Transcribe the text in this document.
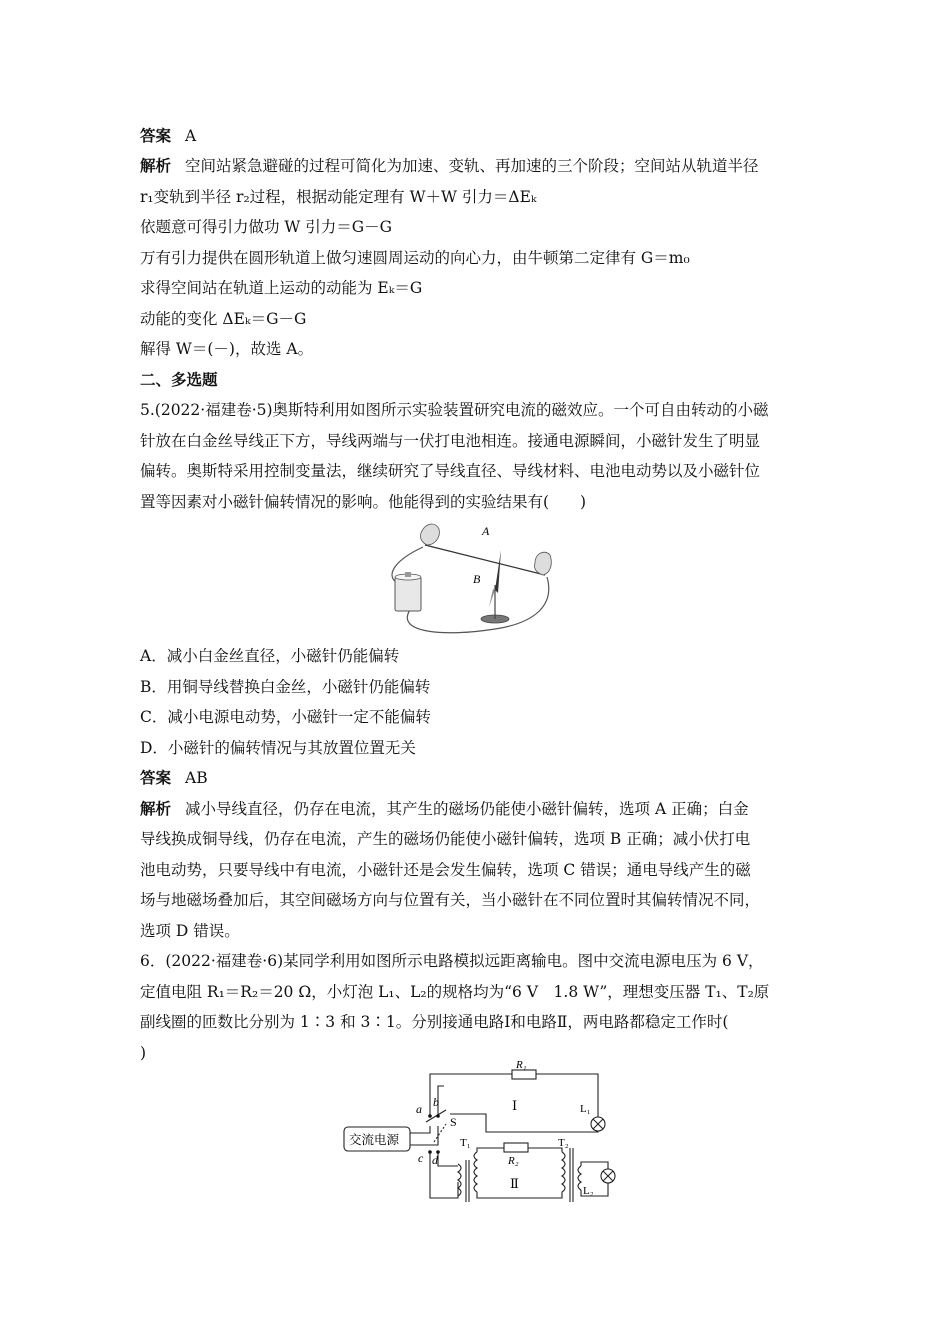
答案 A
解析 空间站紧急避碰的过程可简化为加速、变轨、再加速的三个阶段；空间站从轨道半径
r₁变轨到半径 r₂过程，根据动能定理有 W＋W 引力＝ΔEₖ
依题意可得引力做功 W 引力＝G－G
万有引力提供在圆形轨道上做匀速圆周运动的向心力，由牛顿第二定律有 G＝m₀
求得空间站在轨道上运动的动能为 Eₖ＝G
动能的变化 ΔEₖ＝G－G
解得 W＝(－)，故选 A。
二、多选题
5.(2022·福建卷·5)奥斯特利用如图所示实验装置研究电流的磁效应。一个可自由转动的小磁
针放在白金丝导线正下方，导线两端与一伏打电池相连。接通电源瞬间，小磁针发生了明显
偏转。奥斯特采用控制变量法，继续研究了导线直径、导线材料、电池电动势以及小磁针位
置等因素对小磁针偏转情况的影响。他能得到的实验结果有(　　)
A
B
A．减小白金丝直径，小磁针仍能偏转
B．用铜导线替换白金丝，小磁针仍能偏转
C．减小电源电动势，小磁针一定不能偏转
D．小磁针的偏转情况与其放置位置无关
答案 AB
解析 减小导线直径，仍存在电流，其产生的磁场仍能使小磁针偏转，选项 A 正确；白金
导线换成铜导线，仍存在电流，产生的磁场仍能使小磁针偏转，选项 B 正确；减小伏打电
池电动势，只要导线中有电流，小磁针还是会发生偏转，选项 C 错误；通电导线产生的磁
场与地磁场叠加后，其空间磁场方向与位置有关，当小磁针在不同位置时其偏转情况不同，
选项 D 错误。
6．(2022·福建卷·6)某同学利用如图所示电路模拟远距离输电。图中交流电源电压为 6 V，
定值电阻 R₁＝R₂＝20 Ω，小灯泡 L₁、L₂的规格均为“6 V　1.8 W”，理想变压器 T₁、T₂原
副线圈的匝数比分别为 1∶3 和 3∶1。分别接通电路Ⅰ和电路Ⅱ，两电路都稳定工作时(
)
交流电源
R₁
R₂
L₁
L₂
T₁	T₂
S
a b
c d
Ⅰ
Ⅱ
